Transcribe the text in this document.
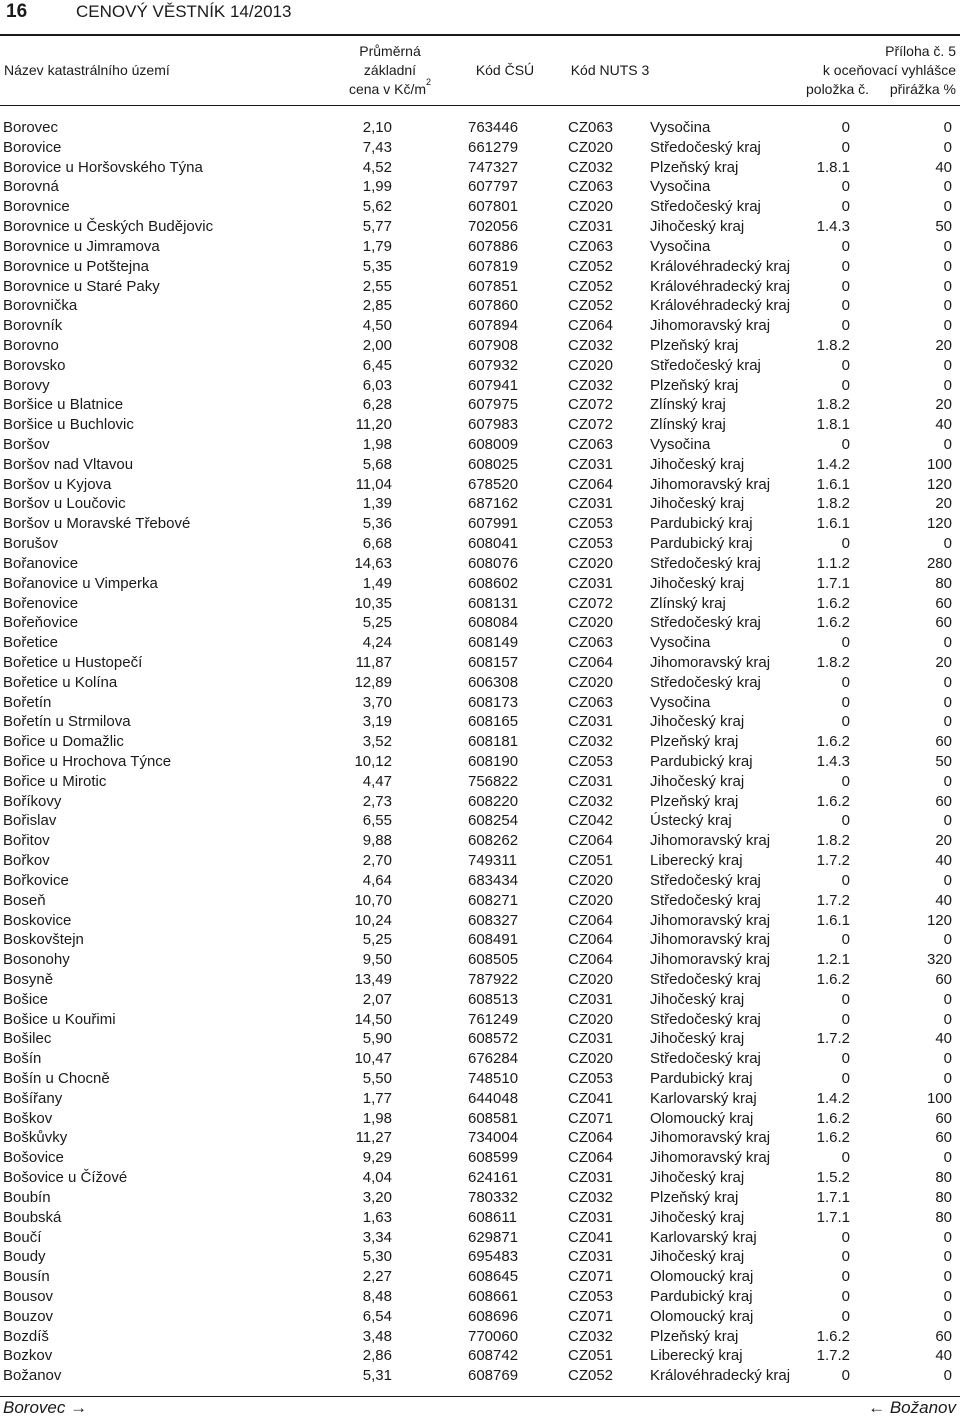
16	CENOVÝ VĚSTNÍK 14/2013
Název katastrálního území
Průměrná
základní
cena v $Kč/m^2$
Kód ČSÚ	Kód NUTS 3
Příloha č. 5
k oceňovací vyhlášce
položka č. přirážka %
Borovec	2,10	763446	CZ063 Vysočina	0	0
Borovice	7,43	661279	CZ020 Středočeský kraj	0	0
Borovice u Horšovského Týna	4,52	747327	CZ032 Plzeňský kraj	1.8.1	40
Borovná	1,99	607797	CZ063 Vysočina	0	0
Borovnice	5,62	607801	CZ020 Středočeský kraj	0	0
Borovnice u Českých Budějovic	5,77	702056	CZ031 Jihočeský kraj	1.4.3	50
Borovnice u Jimramova	1,79	607886	CZ063 Vysočina	0	0
Borovnice u Potštejna	5,35	607819	CZ052 Královéhradecký kraj	0	0
Borovnice u Staré Paky	2,55	607851	CZ052 Královéhradecký kraj	0	0
Borovnička	2,85	607860	CZ052 Královéhradecký kraj	0	0
Borovník	4,50	607894	CZ064 Jihomoravský kraj	0	0
Borovno	2,00	607908	CZ032 Plzeňský kraj	1.8.2	20
Borovsko	6,45	607932	CZ020 Středočeský kraj	0	0
Borovy	6,03	607941	CZ032 Plzeňský kraj	0	0
Boršice u Blatnice	6,28	607975	CZ072 Zlínský kraj	1.8.2	20
Boršice u Buchlovic	11,20	607983	CZ072 Zlínský kraj	1.8.1	40
Boršov	1,98	608009	CZ063 Vysočina	0	0
Boršov nad Vltavou	5,68	608025	CZ031 Jihočeský kraj	1.4.2	100
Boršov u Kyjova	11,04	678520	CZ064 Jihomoravský kraj	1.6.1	120
Boršov u Loučovic	1,39	687162	CZ031 Jihočeský kraj	1.8.2	20
Boršov u Moravské Třebové	5,36	607991	CZ053 Pardubický kraj	1.6.1	120
Borušov	6,68	608041	CZ053 Pardubický kraj	0	0
Bořanovice	14,63	608076	CZ020 Středočeský kraj	1.1.2	280
Bořanovice u Vimperka	1,49	608602	CZ031 Jihočeský kraj	1.7.1	80
Bořenovice	10,35	608131	CZ072 Zlínský kraj	1.6.2	60
Bořeňovice	5,25	608084	CZ020 Středočeský kraj	1.6.2	60
Bořetice	4,24	608149	CZ063 Vysočina	0	0
Bořetice u Hustopečí	11,87	608157	CZ064 Jihomoravský kraj	1.8.2	20
Bořetice u Kolína	12,89	606308	CZ020 Středočeský kraj	0	0
Bořetín	3,70	608173	CZ063 Vysočina	0	0
Bořetín u Strmilova	3,19	608165	CZ031 Jihočeský kraj	0	0
Bořice u Domažlic	3,52	608181	CZ032 Plzeňský kraj	1.6.2	60
Bořice u Hrochova Týnce	10,12	608190	CZ053 Pardubický kraj	1.4.3	50
Bořice u Mirotic	4,47	756822	CZ031 Jihočeský kraj	0	0
Boříkovy	2,73	608220	CZ032 Plzeňský kraj	1.6.2	60
Bořislav	6,55	608254	CZ042 Ústecký kraj	0	0
Bořitov	9,88	608262	CZ064 Jihomoravský kraj	1.8.2	20
Bořkov	2,70	749311	CZ051 Liberecký kraj	1.7.2	40
Bořkovice	4,64	683434	CZ020 Středočeský kraj	0	0
Boseň	10,70	608271	CZ020 Středočeský kraj	1.7.2	40
Boskovice	10,24	608327	CZ064 Jihomoravský kraj	1.6.1	120
Boskovštejn	5,25	608491	CZ064 Jihomoravský kraj	0	0
Bosonohy	9,50	608505	CZ064 Jihomoravský kraj	1.2.1	320
Bosyně	13,49	787922	CZ020 Středočeský kraj	1.6.2	60
Bošice	2,07	608513	CZ031 Jihočeský kraj	0	0
Bošice u Kouřimi	14,50	761249	CZ020 Středočeský kraj	0	0
Bošilec	5,90	608572	CZ031 Jihočeský kraj	1.7.2	40
Bošín	10,47	676284	CZ020 Středočeský kraj	0	0
Bošín u Chocně	5,50	748510	CZ053 Pardubický kraj	0	0
Bošířany	1,77	644048	CZ041 Karlovarský kraj	1.4.2	100
Boškov	1,98	608581	CZ071 Olomoucký kraj	1.6.2	60
Boškůvky	11,27	734004	CZ064 Jihomoravský kraj	1.6.2	60
Bošovice	9,29	608599	CZ064 Jihomoravský kraj	0	0
Bošovice u Čížové	4,04	624161	CZ031 Jihočeský kraj	1.5.2	80
Boubín	3,20	780332	CZ032 Plzeňský kraj	1.7.1	80
Boubská	1,63	608611	CZ031 Jihočeský kraj	1.7.1	80
Boučí	3,34	629871	CZ041 Karlovarský kraj	0	0
Boudy	5,30	695483	CZ031 Jihočeský kraj	0	0
Bousín	2,27	608645	CZ071 Olomoucký kraj	0	0
Bousov	8,48	608661	CZ053 Pardubický kraj	0	0
Bouzov	6,54	608696	CZ071 Olomoucký kraj	0	0
Bozdíš	3,48	770060	CZ032 Plzeňský kraj	1.6.2	60
Bozkov	2,86	608742	CZ051 Liberecký kraj	1.7.2	40
Božanov	5,31	608769	CZ052 Královéhradecký kraj	0	0
Borovec →	← Božanov
